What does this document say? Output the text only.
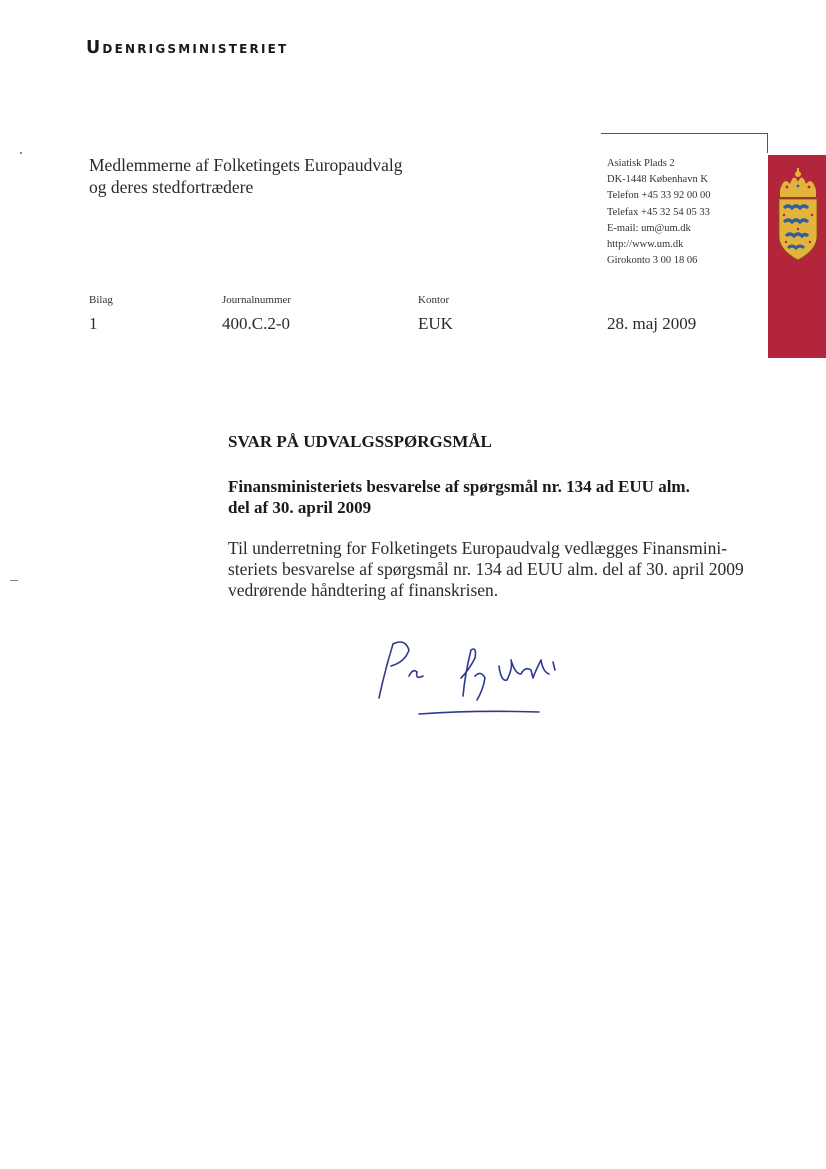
Udenrigsministeriet
Medlemmerne af Folketingets Europaudvalg
og deres stedfortrædere
Asiatisk Plads 2
DK-1448 København K
Telefon +45 33 92 00 00
Telefax +45 32 54 05 33
E-mail: um@um.dk
http://www.um.dk
Girokonto 3 00 18 06
Bilag
1
Journalnummer
400.C.2-0
Kontor
EUK	28. maj 2009
SVAR PÅ UDVALGSSPØRGSMÅL
Finansministeriets besvarelse af spørgsmål nr. 134 ad EUU alm.
del af 30. april 2009
Til underretning for Folketingets Europaudvalg vedlægges Finansmini-
steriets besvarelse af spørgsmål nr. 134 ad EUU alm. del af 30. april 2009
vedrørende håndtering af finanskrisen.
